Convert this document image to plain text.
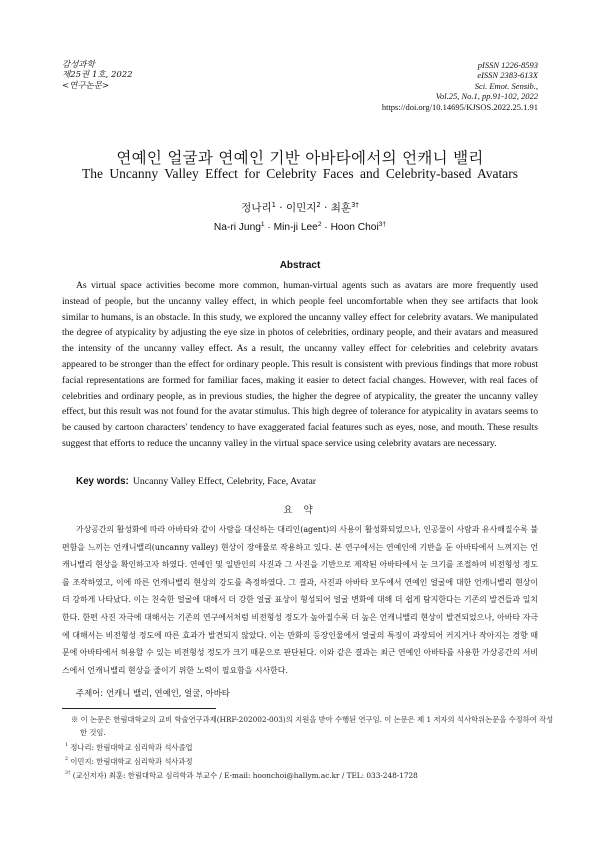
감성과학
제25권 1호, 2022
<연구논문>
pISSN 1226-8593
eISSN 2383-613X
Sci. Emot. Sensib.,
Vol.25, No.1, pp.91-102, 2022
https://doi.org/10.14695/KJSOS.2022.25.1.91
연예인 얼굴과 연예인 기반 아바타에서의 언캐니 밸리
The Uncanny Valley Effect for Celebrity Faces and Celebrity-based Avatars
정나리$^1$ · 이민지$^2$ · 최훈$^{3\dagger}$
Na-ri Jung$^1$ · Min-ji Lee$^2$ · Hoon Choi$^{3\dagger}$
Abstract

As virtual space activities become more common, human-virtual agents such as avatars are more frequently used instead of people, but the uncanny valley effect, in which people feel uncomfortable when they see artifacts that look similar to humans, is an obstacle. In this study, we explored the uncanny valley effect for celebrity avatars. We manipulated the degree of atypicality by adjusting the eye size in photos of celebrities, ordinary people, and their avatars and measured the intensity of the uncanny valley effect. As a result, the uncanny valley effect for celebrities and celebrity avatars appeared to be stronger than the effect for ordinary people. This result is consistent with previous findings that more robust facial representations are formed for familiar faces, making it easier to detect facial changes. However, with real faces of celebrities and ordinary people, as in previous studies, the higher the degree of atypicality, the greater the uncanny valley effect, but this result was not found for the avatar stimulus. This high degree of tolerance for atypicality in avatars seems to be caused by cartoon characters' tendency to have exaggerated facial features such as eyes, nose, and mouth. These results suggest that efforts to reduce the uncanny valley in the virtual space service using celebrity avatars are necessary.

Key words: Uncanny Valley Effect, Celebrity, Face, Avatar
요 약

가상공간의 활성화에 따라 아바타와 같이 사람을 대신하는 대리인(agent)의 사용이 활성화되었으나, 인공물이 사람과 유사해질수록 불편함을 느끼는 언캐니밸리(uncanny valley) 현상이 장애물로 작용하고 있다. 본 연구에서는 연예인에 기반을 둔 아바타에서 느껴지는 언캐니밸리 현상을 확인하고자 하였다. 연예인 및 일반인의 사진과 그 사진을 기반으로 제작된 아바타에서 눈 크기를 조절하여 비전형성 정도를 조작하였고, 이에 따른 언캐니밸리 현상의 강도를 측정하였다. 그 결과, 사진과 아바타 모두에서 연예인 얼굴에 대한 언캐니밸리 현상이 더 강하게 나타났다. 이는 친숙한 얼굴에 대해서 더 강한 얼굴 표상이 형성되어 얼굴 변화에 대해 더 쉽게 탐지한다는 기존의 발견들과 일치한다. 한편 사진 자극에 대해서는 기존의 연구에서처럼 비전형성 정도가 높아질수록 더 높은 언캐니밸리 현상이 발견되었으나, 아바타 자극에 대해서는 비전형성 정도에 따른 효과가 발견되지 않았다. 이는 만화의 등장인물에서 얼굴의 특징이 과장되어 커지거나 작아지는 경향 때문에 아바타에서 허용할 수 있는 비전형성 정도가 크기 때문으로 판단된다. 이와 같은 결과는 최근 연예인 아바타를 사용한 가상공간의 서비스에서 언캐니밸리 현상을 줄이기 위한 노력이 필요함을 시사한다.

주제어: 언캐니 밸리, 연예인, 얼굴, 아바타
※ 이 논문은 한림대학교의 교비 학술연구과제(HRF-202002-003)의 지원을 받아 수행된 연구임. 이 논문은 제 1 저자의 석사학위논문을 수정하여 작성한 것임.
$^1$ 정나리: 한림대학교 심리학과 석사졸업
$^2$ 이민지: 한림대학교 심리학과 석사과정
$^{3\dagger}$ (교신저자) 최훈: 한림대학교 심리학과 부교수 / E-mail: hoonchoi@hallym.ac.kr / TEL: 033-248-1728
